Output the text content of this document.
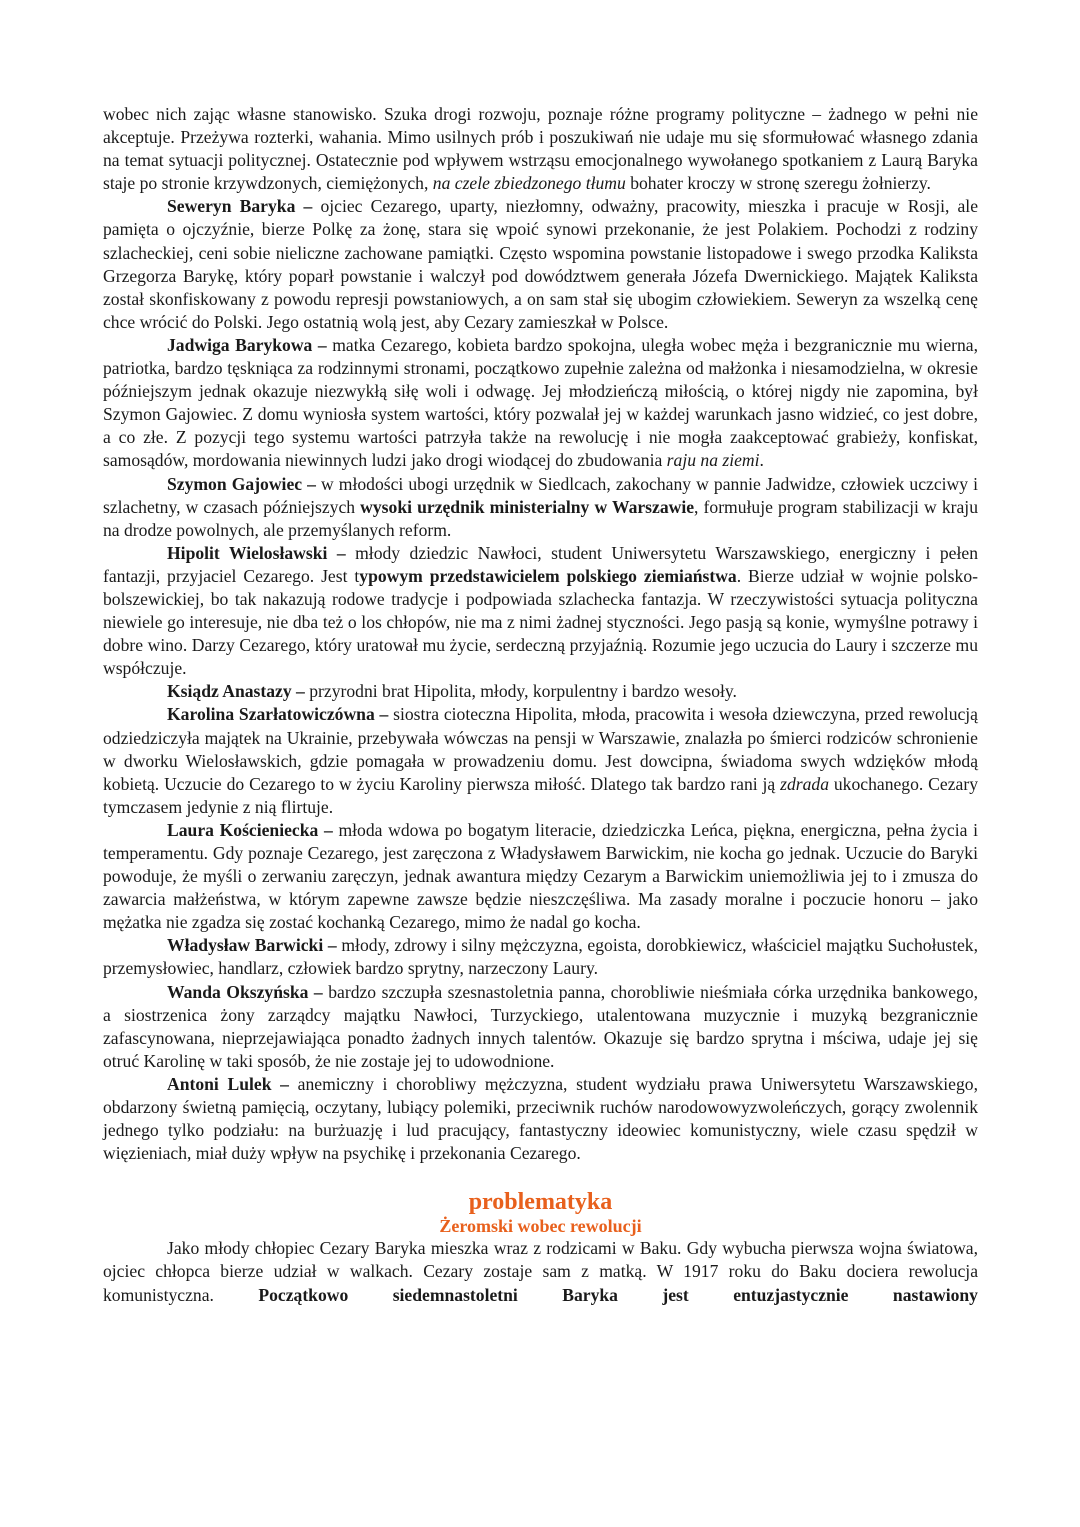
wobec nich zając własne stanowisko. Szuka drogi rozwoju, poznaje różne programy polityczne – żadnego w pełni nie akceptuje. Przeżywa rozterki, wahania. Mimo usilnych prób i poszukiwań nie udaje mu się sformułować własnego zdania na temat sytuacji politycznej. Ostatecznie pod wpływem wstrząsu emocjonalnego wywołanego spotkaniem z Laurą Baryka staje po stronie krzywdzonych, ciemiężonych, na czele zbiedzonego tłumu bohater kroczy w stronę szeregu żołnierzy.

Seweryn Baryka – ojciec Cezarego, uparty, niezłomny, odważny, pracowity, mieszka i pracuje w Rosji, ale pamięta o ojczyźnie, bierze Polkę za żonę, stara się wpoić synowi przekonanie, że jest Polakiem. Pochodzi z rodziny szlacheckiej, ceni sobie nieliczne zachowane pamiątki. Często wspomina powstanie listopadowe i swego przodka Kaliksta Grzegorza Barykę, który poparł powstanie i walczył pod dowództwem generała Józefa Dwernickiego. Majątek Kaliksta został skonfiskowany z powodu represji powstaniowych, a on sam stał się ubogim człowiekiem. Seweryn za wszelką cenę chce wrócić do Polski. Jego ostatnią wolą jest, aby Cezary zamieszkał w Polsce.

Jadwiga Barykowa – matka Cezarego, kobieta bardzo spokojna, uległa wobec męża i bezgranicznie mu wierna, patriotka, bardzo tęskniąca za rodzinnymi stronami, początkowo zupełnie zależna od małżonka i niesamodzielna, w okresie późniejszym jednak okazuje niezwykłą siłę woli i odwagę. Jej młodzieńczą miłością, o której nigdy nie zapomina, był Szymon Gajowiec. Z domu wyniosła system wartości, który pozwalał jej w każdej warunkach jasno widzieć, co jest dobre, a co złe. Z pozycji tego systemu wartości patrzyła także na rewolucję i nie mogła zaakceptować grabieży, konfiskat, samosądów, mordowania niewinnych ludzi jako drogi wiodącej do zbudowania raju na ziemi.

Szymon Gajowiec – w młodości ubogi urzędnik w Siedlcach, zakochany w pannie Jadwidze, człowiek uczciwy i szlachetny, w czasach późniejszych wysoki urzędnik ministerialny w Warszawie, formułuje program stabilizacji w kraju na drodze powolnych, ale przemyślanych reform.

Hipolit Wielosławski – młody dziedzic Nawłoci, student Uniwersytetu Warszawskiego, energiczny i pełen fantazji, przyjaciel Cezarego. Jest typowym przedstawicielem polskiego ziemiaństwa. Bierze udział w wojnie polsko-bolszewickiej, bo tak nakazują rodowe tradycje i podpowiada szlachecka fantazja. W rzeczywistości sytuacja polityczna niewiele go interesuje, nie dba też o los chłopów, nie ma z nimi żadnej styczności. Jego pasją są konie, wymyślne potrawy i dobre wino. Darzy Cezarego, który uratował mu życie, serdeczną przyjaźnią. Rozumie jego uczucia do Laury i szczerze mu współczuje.

Ksiądz Anastazy – przyrodni brat Hipolita, młody, korpulentny i bardzo wesoły.

Karolina Szarłatowiczówna – siostra cioteczna Hipolita, młoda, pracowita i wesoła dziewczyna, przed rewolucją odziedziczyła majątek na Ukrainie, przebywała wówczas na pensji w Warszawie, znalazła po śmierci rodziców schronienie w dworku Wielosławskich, gdzie pomagała w prowadzeniu domu. Jest dowcipna, świadoma swych wdzięków młodą kobietą. Uczucie do Cezarego to w życiu Karoliny pierwsza miłość. Dlatego tak bardzo rani ją zdrada ukochanego. Cezary tymczasem jedynie z nią flirtuje.

Laura Kościeniecka – młoda wdowa po bogatym literacie, dziedziczka Leńca, piękna, energiczna, pełna życia i temperamentu. Gdy poznaje Cezarego, jest zaręczona z Władysławem Barwickim, nie kocha go jednak. Uczucie do Baryki powoduje, że myśli o zerwaniu zaręczyn, jednak awantura między Cezarym a Barwickim uniemożliwia jej to i zmusza do zawarcia małżeństwa, w którym zapewne zawsze będzie nieszczęśliwa. Ma zasady moralne i poczucie honoru – jako mężatka nie zgadza się zostać kochanką Cezarego, mimo że nadal go kocha.

Władysław Barwicki – młody, zdrowy i silny mężczyzna, egoista, dorobkiewicz, właściciel majątku Suchołustek, przemysłowiec, handlarz, człowiek bardzo sprytny, narzeczony Laury.

Wanda Okszyńska – bardzo szczupła szesnastoletnia panna, chorobliwie nieśmiała córka urzędnika bankowego, a siostrzenica żony zarządcy majątku Nawłoci, Turzyckiego, utalentowana muzycznie i muzyką bezgranicznie zafascynowana, nieprzejawiająca ponadto żadnych innych talentów. Okazuje się bardzo sprytna i mściwa, udaje jej się otruć Karolinę w taki sposób, że nie zostaje jej to udowodnione.

Antoni Lulek – anemiczny i chorobliwy mężczyzna, student wydziału prawa Uniwersytetu Warszawskiego, obdarzony świetną pamięcią, oczytany, lubiący polemiki, przeciwnik ruchów narodowowyzwoleńczych, gorący zwolennik jednego tylko podziału: na burżuazję i lud pracujący, fantastyczny ideowiec komunistyczny, wiele czasu spędził w więzieniach, miał duży wpływ na psychikę i przekonania Cezarego.

problematyka

Żeromski wobec rewolucji

Jako młody chłopiec Cezary Baryka mieszka wraz z rodzicami w Baku. Gdy wybucha pierwsza wojna światowa, ojciec chłopca bierze udział w walkach. Cezary zostaje sam z matką. W 1917 roku do Baku dociera rewolucja komunistyczna. Początkowo siedemnastoletni Baryka jest entuzjastycznie nastawiony
